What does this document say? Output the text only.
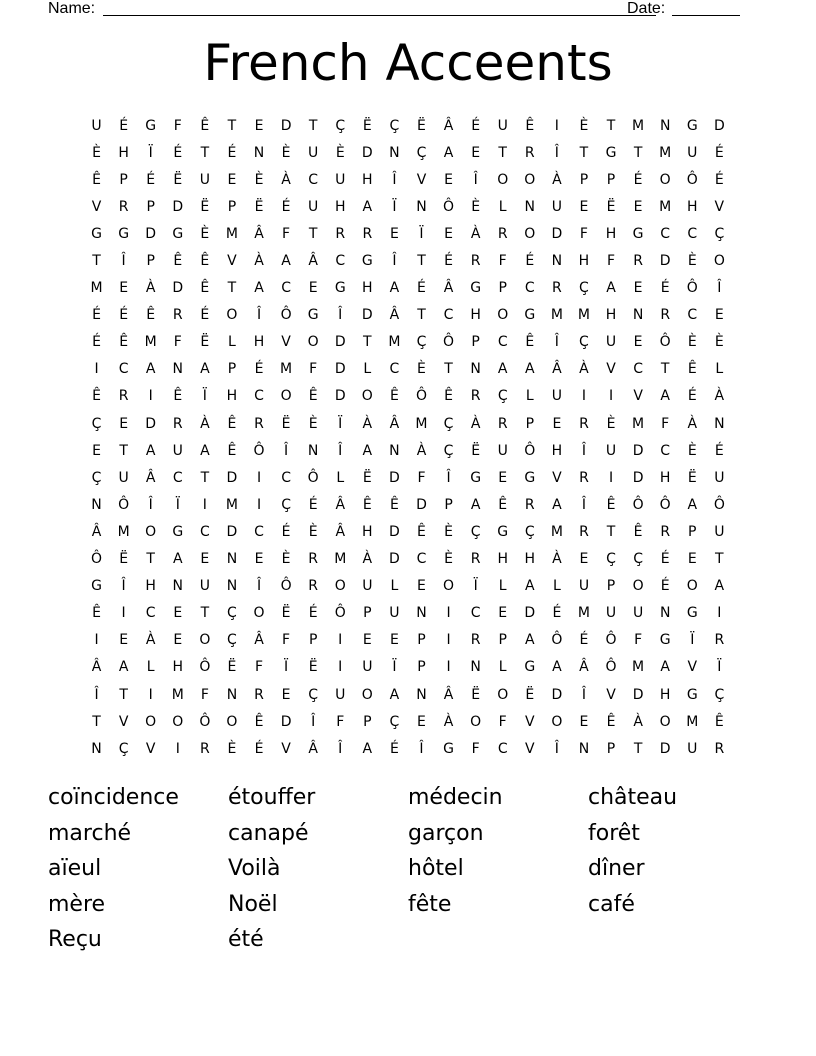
Name:	Date:
French Acceents
U	É	G	F	Ê	T	E	D	T	Ç	Ë	Ç	Ë	Â	É	U	Ê	I	È	T	M	N	G	D
È	H	Ï	É	T	É	N	È	U	È	D	N	Ç	A	E	T	R	Î	T	G	T	M	U	É
Ê	P	É	Ë	U	E	È	À	C	U	H	Î	V	E	Î	O	O	À	P	P	É	O	Ô	É
V	R	P	D	Ë	P	Ë	É	U	H	A	Ï	N	Ô	È	L	N	U	E	Ë	E	M	H	V
G	G	D	G	È	M	Â	F	T	R	R	E	Ï	E	À	R	O	D	F	H	G	C	C	Ç
T	Î	P	Ê	Ê	V	À	A	Â	C	G	Î	T	É	R	F	É	N	H	F	R	D	È	O
M	E	À	D	Ê	T	A	C	E	G	H	A	É	Â	G	P	C	R	Ç	A	E	É	Ô	Î
É	É	Ê	R	É	O	Î	Ô	G	Î	D	Â	T	C	H	O	G	M	M	H	N	R	C	E
É	Ê	M	F	Ë	L	H	V	O	D	T	M	Ç	Ô	P	C	Ê	Î	Ç	U	E	Ô	È	È
I	C	A	N	A	P	É	M	F	D	L	C	È	T	N	A	A	Â	À	V	C	T	Ê	L
Ê	R	I	Ê	Ï	H	C	O	Ê	D	O	Ê	Ô	Ê	R	Ç	L	U	I	I	V	A	É	À
Ç	E	D	R	À	Ê	R	Ë	È	Ï	À	Â	M	Ç	À	R	P	E	R	È	M	F	À	N
E	T	A	U	A	Ê	Ô	Î	N	Î	A	N	À	Ç	Ë	U	Ô	H	Î	U	D	C	È	É
Ç	U	Â	C	T	D	I	C	Ô	L	Ë	D	F	Î	G	E	G	V	R	I	D	H	Ë	U
N	Ô	Î	Ï	I	M	I	Ç	É	Â	Ê	Ê	D	P	A	Ê	R	A	Î	Ê	Ô	Ô	A	Ô
Â	M	O	G	C	D	C	É	È	Â	H	D	Ê	È	Ç	G	Ç	M	R	T	Ê	R	P	U
Ô	Ë	T	A	E	N	E	È	R	M	À	D	C	È	R	H	H	À	E	Ç	Ç	É	E	T
G	Î	H	N	U	N	Î	Ô	R	O	U	L	E	O	Ï	L	A	L	U	P	O	É	O	A
Ê	I	C	E	T	Ç	O	Ë	É	Ô	P	U	N	I	C	E	D	É	M	U	U	N	G	I
I	E	À	E	O	Ç	Â	F	P	I	E	E	P	I	R	P	A	Ô	É	Ô	F	G	Ï	R
Â	A	L	H	Ô	Ë	F	Ï	Ë	I	U	Ï	P	I	N	L	G	A	Â	Ô	M	A	V	Ï
Î	T	I	M	F	N	R	E	Ç	U	O	A	N	Â	Ë	O	Ë	D	Î	V	D	H	G	Ç
T	V	O	O	Ô	O	Ê	D	Î	F	P	Ç	E	À	O	F	V	O	E	Ê	À	O	M	Ê
N	Ç	V	I	R	È	É	V	Â	Î	A	É	Î	G	F	C	V	Î	N	P	T	D	U	R
coïncidence	étouffer	médecin	château
marché	canapé	garçon	forêt
aïeul	Voilà	hôtel	dîner
mère	Noël	fête	café
Reçu	été
